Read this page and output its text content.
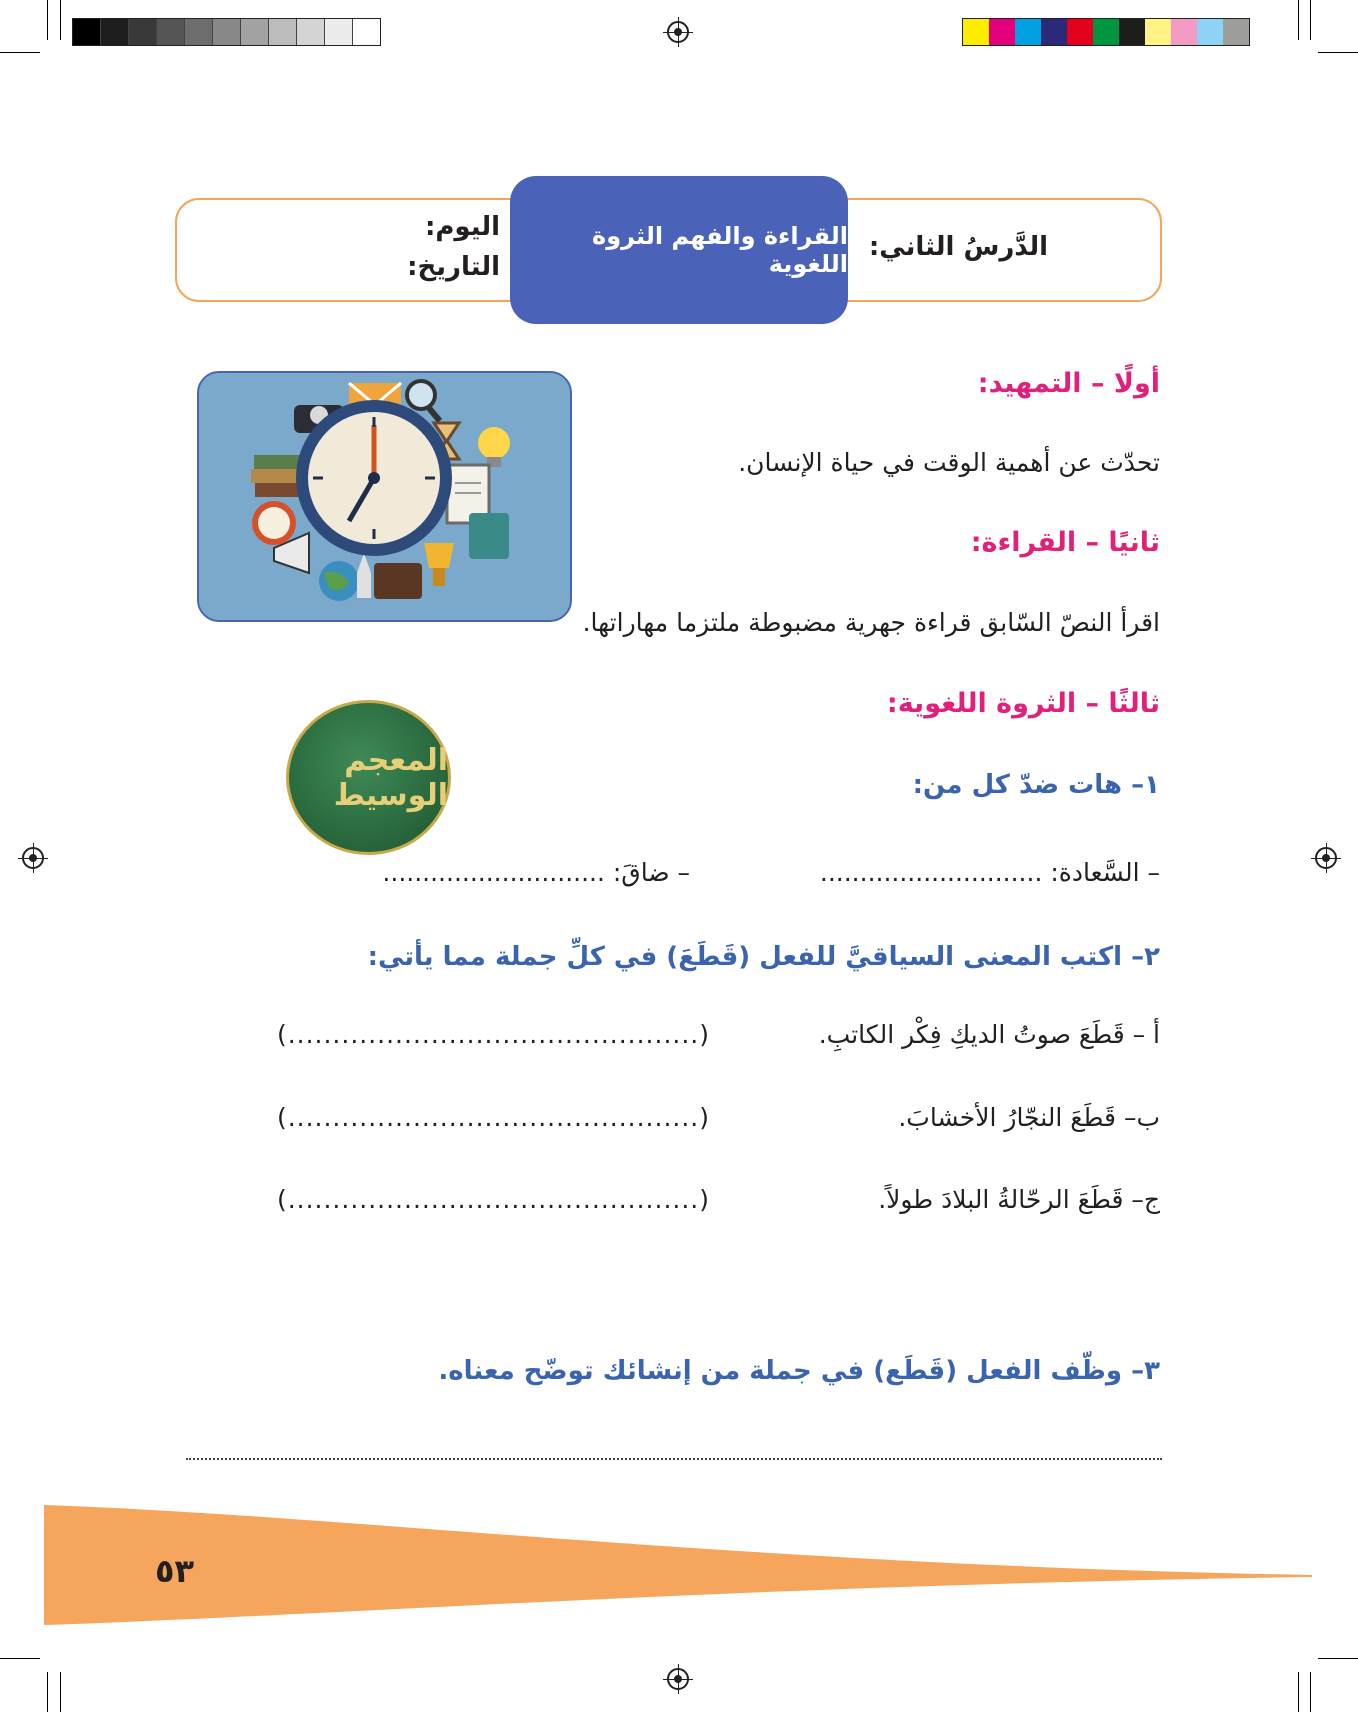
القراءة والفهم الثروة اللغوية
الدَّرسُ الثاني:
اليوم:
التاريخ:
أولًا – التمهيد:
تحدّث عن أهمية الوقت في حياة الإنسان.
ثانيًا – القراءة:
اقرأ النصّ السّابق قراءة جهرية مضبوطة ملتزما مهاراتها.
ثالثًا – الثروة اللغوية:
المعجم الوسيط	١– هات ضدّ كل من:
– السَّعادة: ............................
– ضاقَ: ............................
٢– اكتب المعنى السياقيَّ للفعل (قَطَعَ) في كلِّ جملة مما يأتي:
أ – قَطَعَ صوتُ الديكِ فِكْر الكاتبِ.
(..............................................)
ب– قَطَعَ النجّارُ الأخشابَ.
(..............................................)
ج– قَطَعَ الرحّالةُ البلادَ طولاً.
(..............................................)
٣– وظّف الفعل (قَطَع) في جملة من إنشائك توضّح معناه.
٥٣
